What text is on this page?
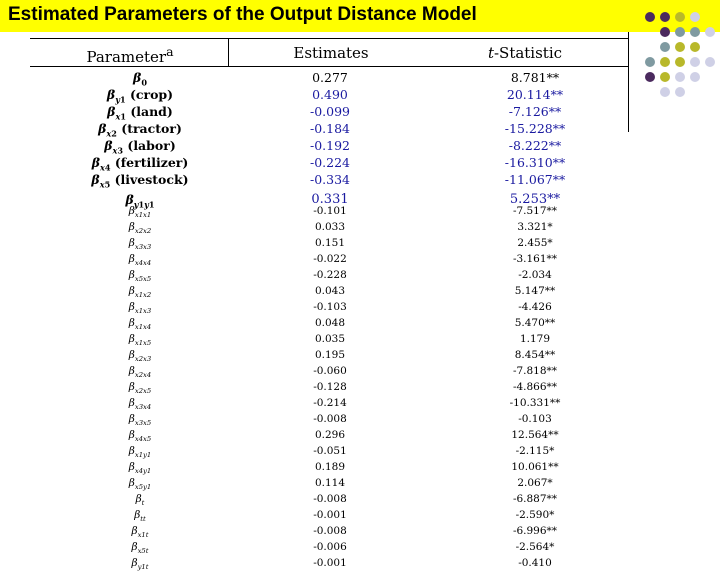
Estimated Parameters of the Output Distance Model
Parameter$^a$	Estimates	t-Statistic
$\beta_0$
$\beta_{y1}$ (crop)
$\beta_{x1}$ (land)
$\beta_{x2}$ (tractor)
$\beta_{x3}$ (labor)
$\beta_{x4}$ (fertilizer)
$\beta_{x5}$ (livestock)
$\beta_{y1y1}$
0.277
0.490
-0.099
-0.184
-0.192
-0.224
-0.334
0.331
8.781**
20.114**
-7.126**
-15.228**
-8.222**
-16.310**
-11.067**
5.253**
$\beta_{x1x1}$
$\beta_{x2x2}$
$\beta_{x3x3}$
$\beta_{x4x4}$
$\beta_{x5x5}$
$\beta_{x1x2}$
$\beta_{x1x3}$
$\beta_{x1x4}$
$\beta_{x1x5}$
$\beta_{x2x3}$
$\beta_{x2x4}$
$\beta_{x2x5}$
$\beta_{x3x4}$
$\beta_{x3x5}$
$\beta_{x4x5}$
$\beta_{x1y1}$
$\beta_{x4y1}$
$\beta_{x5y1}$
$\beta_t$
$\beta_{tt}$
$\beta_{x1t}$
$\beta_{x5t}$
$\beta_{y1t}$
-0.101
0.033
0.151
-0.022
-0.228
0.043
-0.103
0.048
0.035
0.195
-0.060
-0.128
-0.214
-0.008
0.296
-0.051
0.189
0.114
-0.008
-0.001
-0.008
-0.006
-0.001
-7.517**
3.321*
2.455*
-3.161**
-2.034
5.147**
-4.426
5.470**
1.179
8.454**
-7.818**
-4.866**
-10.331**
-0.103
12.564**
-2.115*
10.061**
2.067*
-6.887**
-2.590*
-6.996**
-2.564*
-0.410
